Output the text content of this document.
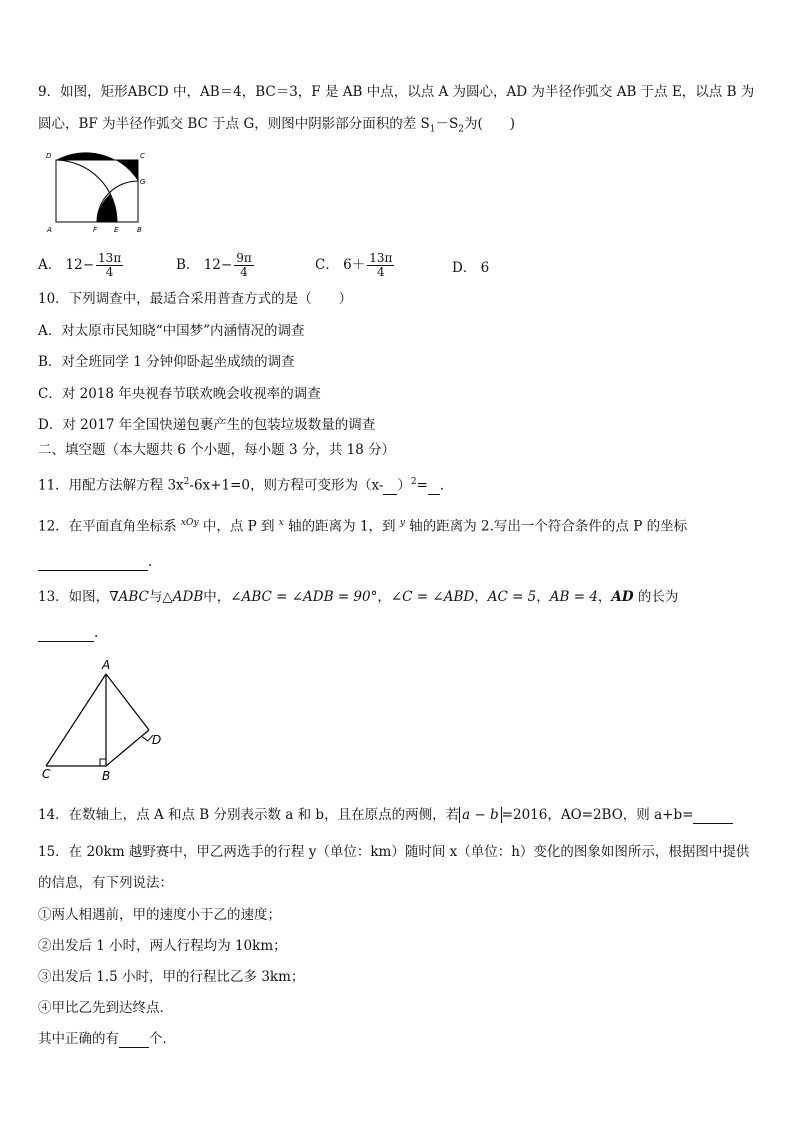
9．如图，矩形ABCD 中，AB＝4，BC＝3，F 是 AB 中点，以点 A 为圆心，AD 为半径作弧交 AB 于点 E，以点 B 为
圆心，BF 为半径作弧交 BC 于点 G，则图中阴影部分面积的差 $S_1-S_2$为(　　)
D	C
G
A	F E	B
A． $12- \frac{13\pi}{4}$	B． $12- \frac{9\pi}{4}$	C． $6+ \frac{13\pi}{4}$	D． 6
10．下列调查中，最适合采用普查方式的是（　　）
A．对太原市民知晓“中国梦”内涵情况的调查
B．对全班同学 1 分钟仰卧起坐成绩的调查
C．对 2018 年央视春节联欢晚会收视率的调查
D．对 2017 年全国快递包裹产生的包装垃圾数量的调查
二、填空题（本大题共 6 个小题，每小题 3 分，共 18 分）
11．用配方法解方程 $3x^2-6x+1=0$，则方程可变形为（x- ）$^2$= ．
12．在平面直角坐标系 $^{xOy}$ 中，点 P 到 $^x$ 轴的距离为 1，到 $^y$ 轴的距离为 2.写出一个符合条件的点 P 的坐标
.
13．如图，∇ABC与△ADB中，∠ABC = ∠ADB = 90°，∠C = ∠ABD，AC = 5，AB = 4，AD 的长为
.
A
C	B
D
14．在数轴上，点 A 和点 B 分别表示数 a 和 b，且在原点的两侧，若 a − b =2016，AO=2BO，则 a+b=
15．在 20km 越野赛中，甲乙两选手的行程 y（单位：km）随时间 x（单位：h）变化的图象如图所示，根据图中提供
的信息，有下列说法：
①两人相遇前，甲的速度小于乙的速度；
②出发后 1 小时，两人行程均为 10km；
③出发后 1.5 小时，甲的行程比乙多 3km；
④甲比乙先到达终点．
其中正确的有 个．
